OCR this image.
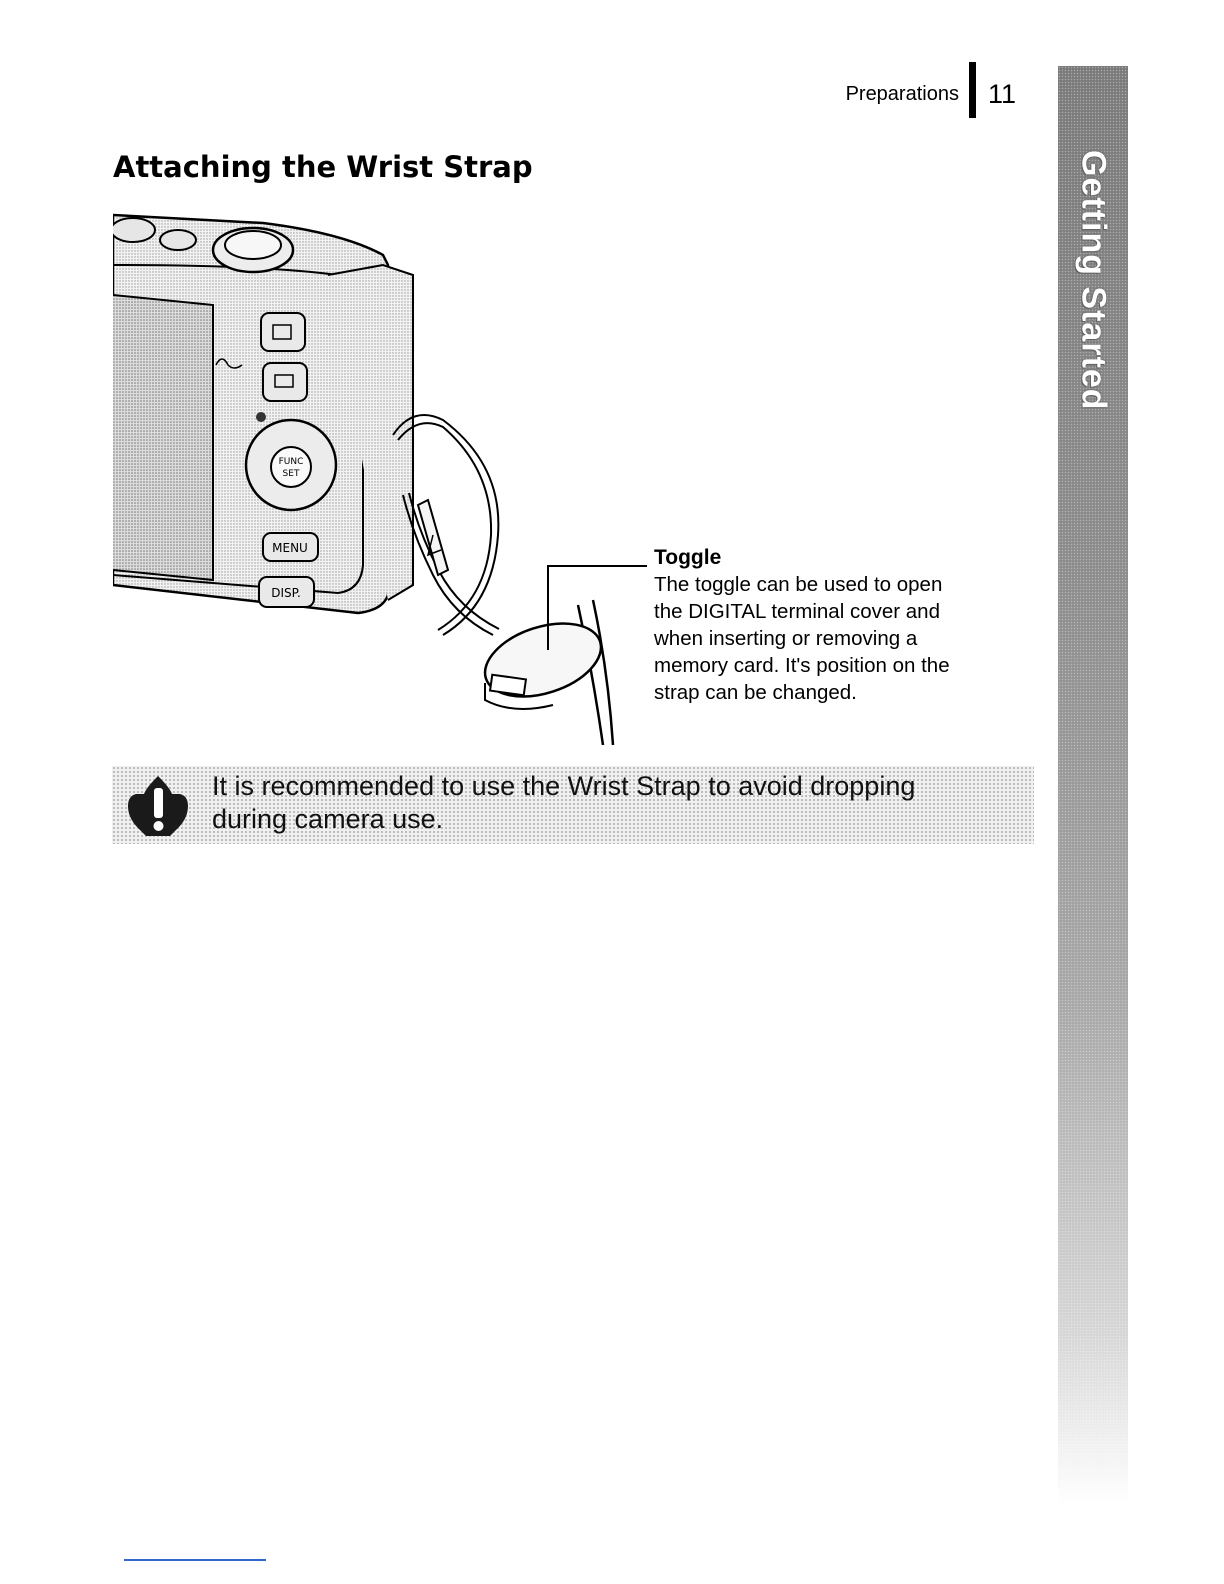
Getting Started
Preparations 11
Attaching the Wrist Strap
FUNC
SET
MENU
DISP.
Toggle
The toggle can be used to open
the DIGITAL terminal cover and
when inserting or removing a
memory card. It's position on the
strap can be changed.
It is recommended to use the Wrist Strap to avoid dropping
during camera use.
